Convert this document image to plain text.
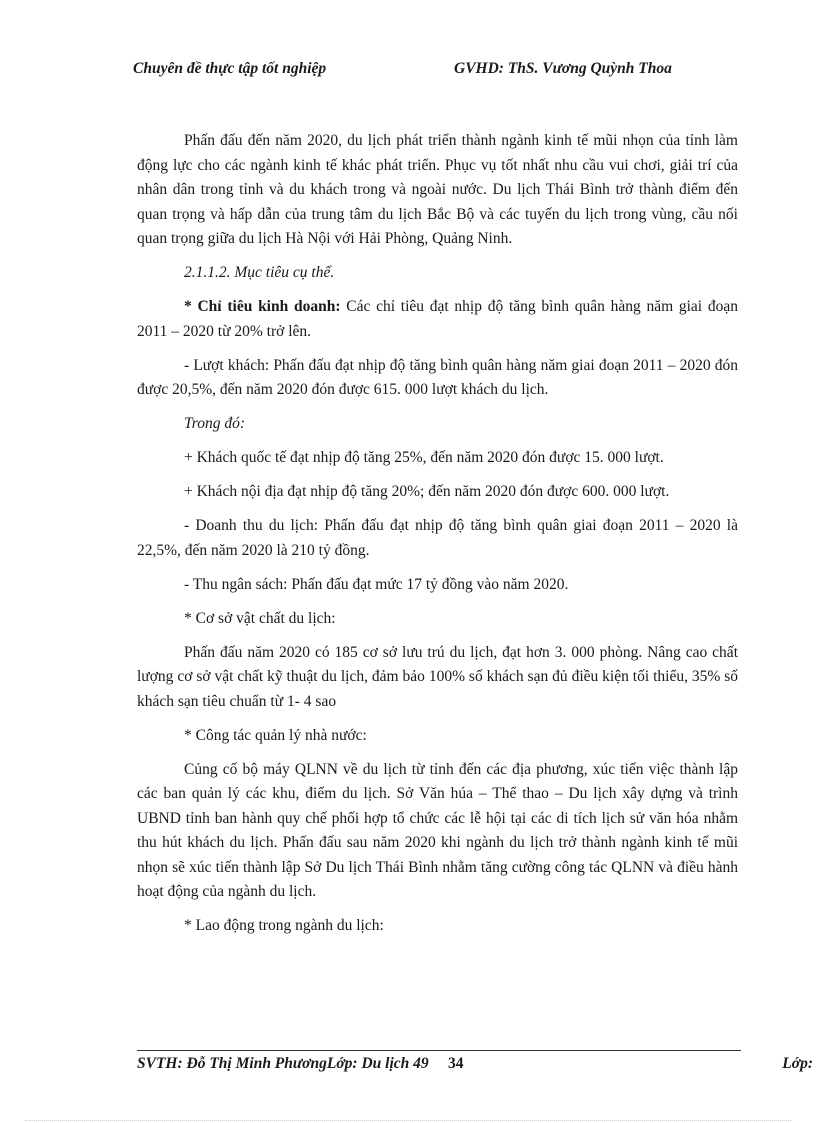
Chuyên đề thực tập tốt nghiệp	GVHD: ThS. Vương Quỳnh Thoa

Phấn đấu đến năm 2020, du lịch phát triển thành ngành kinh tế mũi nhọn của tỉnh làm động lực cho các ngành kinh tế khác phát triển. Phục vụ tốt nhất nhu cầu vui chơi, giải trí của nhân dân trong tỉnh và du khách trong và ngoài nước. Du lịch Thái Bình trở thành điểm đến quan trọng và hấp dẫn của trung tâm du lịch Bắc Bộ và các tuyến du lịch trong vùng, cầu nối quan trọng giữa du lịch Hà Nội với Hải Phòng, Quảng Ninh.

2.1.1.2. Mục tiêu cụ thể.

* Chỉ tiêu kinh doanh: Các chỉ tiêu đạt nhịp độ tăng bình quân hàng năm giai đoạn 2011 – 2020 từ 20% trở lên.

- Lượt khách: Phấn đấu đạt nhịp độ tăng bình quân hàng năm giai đoạn 2011 – 2020 đón được 20,5%, đến năm 2020 đón được 615. 000 lượt khách du lịch.

Trong đó:

+ Khách quốc tế đạt nhịp độ tăng 25%, đến năm 2020 đón được 15. 000 lượt.

+ Khách nội địa đạt nhịp độ tăng 20%; đến năm 2020 đón được 600. 000 lượt.

- Doanh thu du lịch: Phấn đấu đạt nhịp độ tăng bình quân giai đoạn 2011 – 2020 là 22,5%, đến năm 2020 là 210 tỷ đồng.

- Thu ngân sách: Phấn đấu đạt mức 17 tỷ đồng vào năm 2020.

* Cơ sở vật chất du lịch:

Phấn đấu năm 2020 có 185 cơ sở lưu trú du lịch, đạt hơn 3. 000 phòng. Nâng cao chất lượng cơ sở vật chất kỹ thuật du lịch, đảm bảo 100% số khách sạn đủ điều kiện tối thiểu, 35% số khách sạn tiêu chuẩn từ 1- 4 sao

* Công tác quản lý nhà nước:

Củng cố bộ máy QLNN về du lịch từ tỉnh đến các địa phương, xúc tiến việc thành lập các ban quản lý các khu, điểm du lịch. Sở Văn húa – Thể thao – Du lịch xây dựng và trình UBND tỉnh ban hành quy chế phối hợp tổ chức các lễ hội tại các di tích lịch sử văn hóa nhằm thu hút khách du lịch. Phấn đấu sau năm 2020 khi ngành du lịch trở thành ngành kinh tế mũi nhọn sẽ xúc tiến thành lập Sở Du lịch Thái Bình nhằm tăng cường công tác QLNN và điều hành hoạt động của ngành du lịch.

* Lao động trong ngành du lịch:

SVTH: Đỗ Thị Minh PhươngLớp: Du lịch 49 34	Lớp:
